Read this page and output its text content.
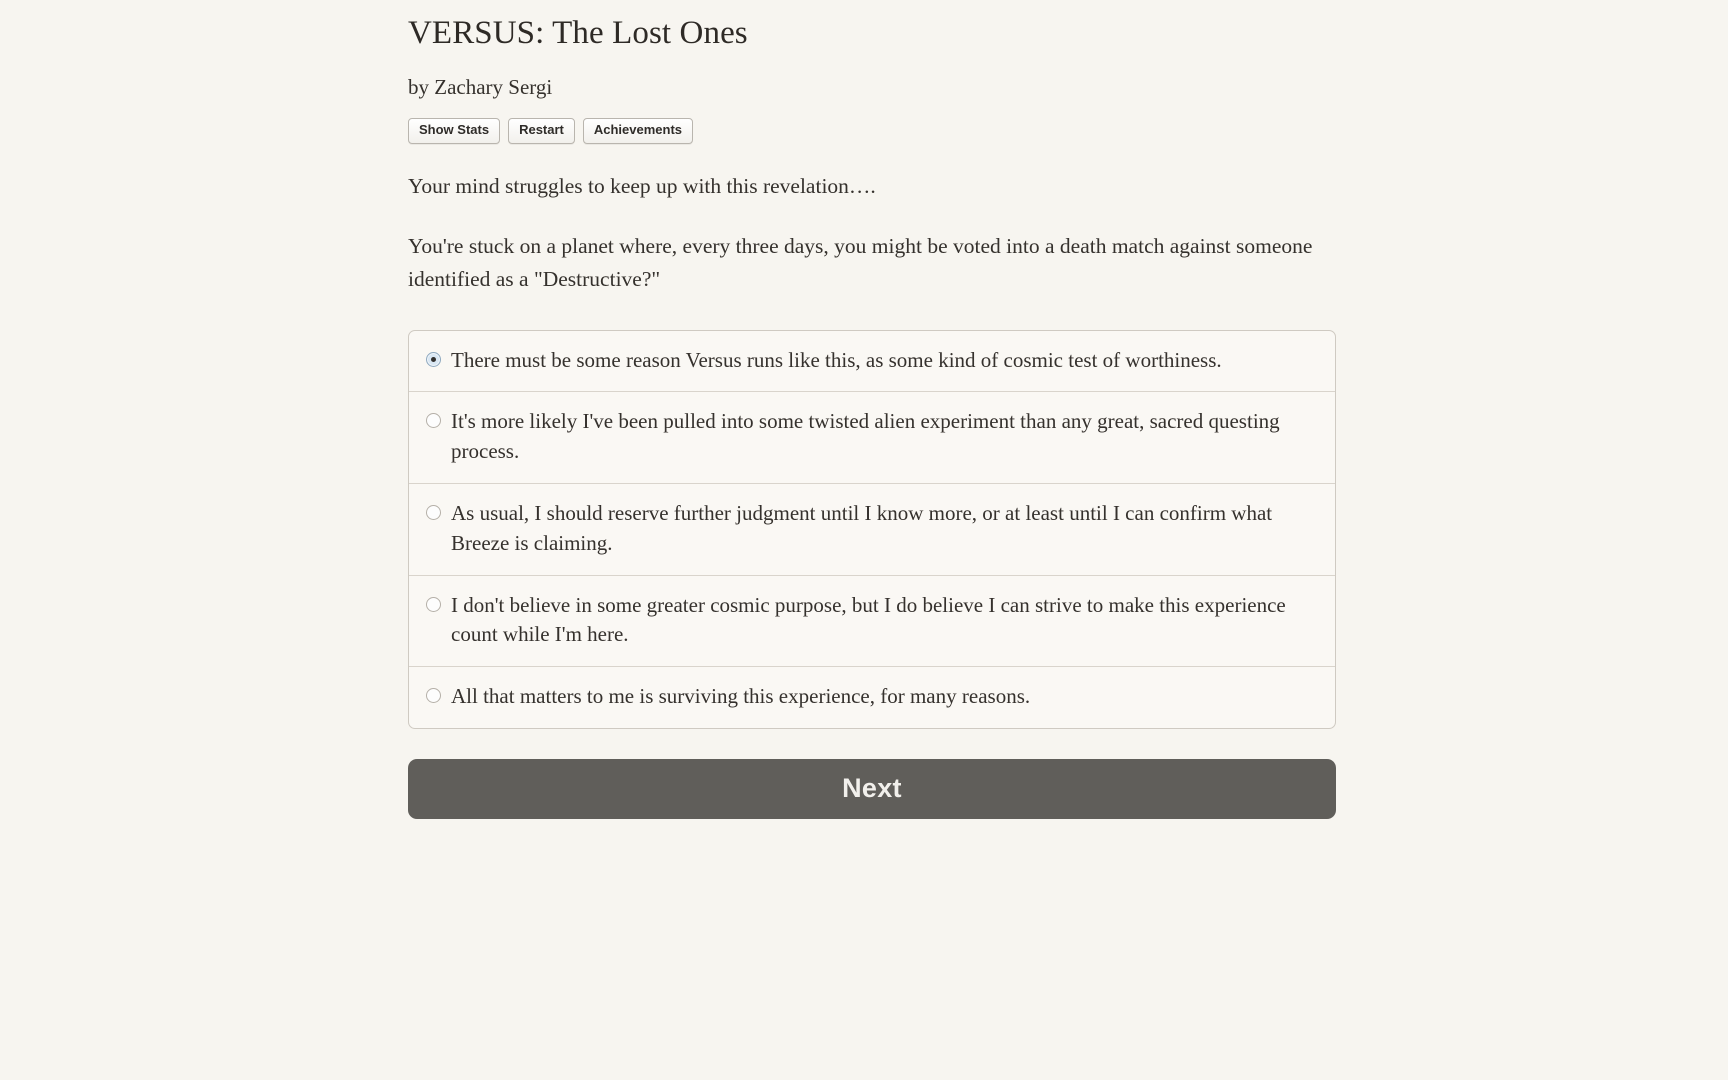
VERSUS: The Lost Ones
by Zachary Sergi
Show Stats	Restart	Achievements

Your mind struggles to keep up with this revelation….

You're stuck on a planet where, every three days, you might be voted into a death match against someone identified as a "Destructive?"

There must be some reason Versus runs like this, as some kind of cosmic test of worthiness.
It's more likely I've been pulled into some twisted alien experiment than any great, sacred questing process.
As usual, I should reserve further judgment until I know more, or at least until I can confirm what Breeze is claiming.
I don't believe in some greater cosmic purpose, but I do believe I can strive to make this experience count while I'm here.
All that matters to me is surviving this experience, for many reasons.
Next
